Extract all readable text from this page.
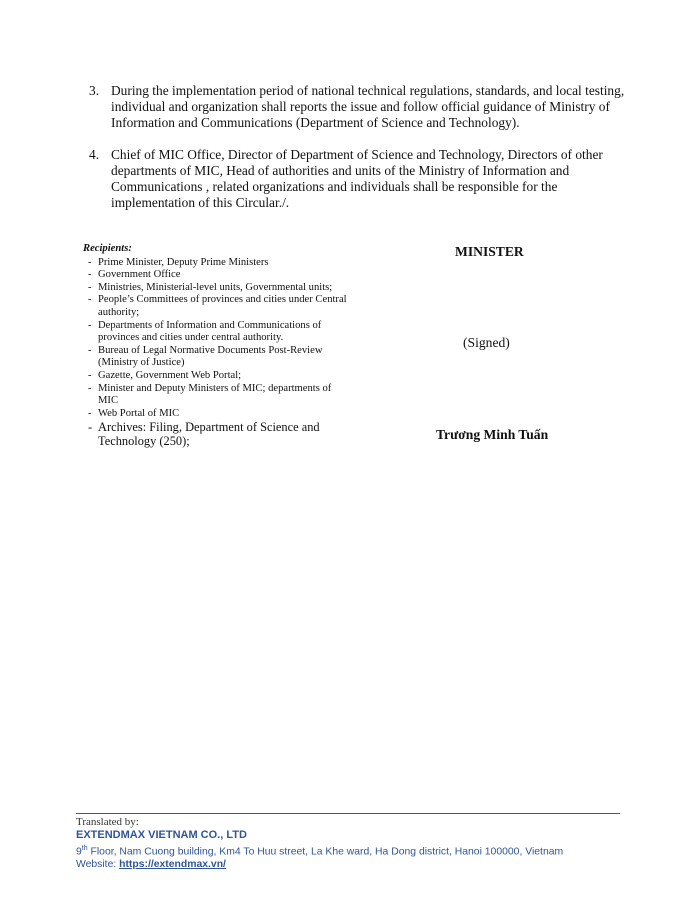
3. During the implementation period of national technical regulations, standards, and local testing, individual and organization shall reports the issue and follow official guidance of Ministry of Information and Communications (Department of Science and Technology).
4. Chief of MIC Office, Director of Department of Science and Technology, Directors of other departments of MIC, Head of authorities and units of the Ministry of Information and Communications , related organizations and individuals shall be responsible for the implementation of this Circular./.
Recipients:
- Prime Minister, Deputy Prime Ministers
- Government Office
- Ministries, Ministerial-level units, Governmental units;
- People’s Committees of provinces and cities under Central authority;
- Departments of Information and Communications of provinces and cities under central authority.
- Bureau of Legal Normative Documents Post-Review (Ministry of Justice)
- Gazette, Government Web Portal;
- Minister and Deputy Ministers of MIC; departments of MIC
- Web Portal of MIC
- Archives: Filing, Department of Science and Technology (250);
MINISTER
(Signed)
Trương Minh Tuấn
Translated by:
EXTENDMAX VIETNAM CO., LTD
9th Floor, Nam Cuong building, Km4 To Huu street, La Khe ward, Ha Dong district, Hanoi 100000, Vietnam
Website: https://extendmax.vn/
